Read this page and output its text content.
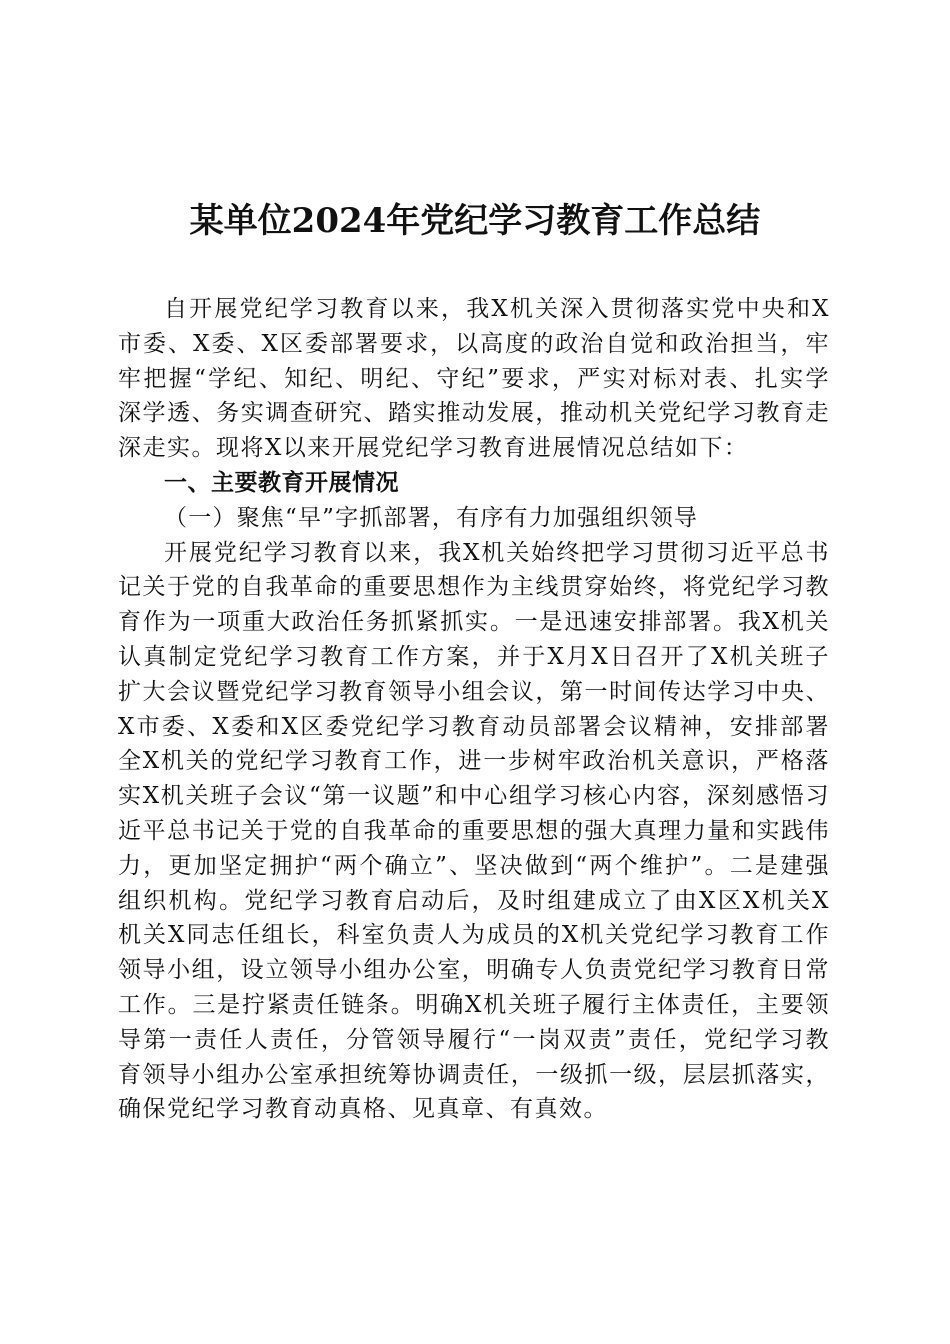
某单位2024年党纪学习教育工作总结

自开展党纪学习教育以来，我X机关深入贯彻落实党中央和X市委、X委、X区委部署要求，以高度的政治自觉和政治担当，牢牢把握“学纪、知纪、明纪、守纪”要求，严实对标对表、扎实学深学透、务实调查研究、踏实推动发展，推动机关党纪学习教育走深走实。现将X以来开展党纪学习教育进展情况总结如下：

一、主要教育开展情况

（一）聚焦“早”字抓部署，有序有力加强组织领导

开展党纪学习教育以来，我X机关始终把学习贯彻习近平总书记关于党的自我革命的重要思想作为主线贯穿始终，将党纪学习教育作为一项重大政治任务抓紧抓实。一是迅速安排部署。我X机关认真制定党纪学习教育工作方案，并于X月X日召开了X机关班子扩大会议暨党纪学习教育领导小组会议，第一时间传达学习中央、X市委、X委和X区委党纪学习教育动员部署会议精神，安排部署全X机关的党纪学习教育工作，进一步树牢政治机关意识，严格落实X机关班子会议“第一议题”和中心组学习核心内容，深刻感悟习近平总书记关于党的自我革命的重要思想的强大真理力量和实践伟力，更加坚定拥护“两个确立”、坚决做到“两个维护”。二是建强组织机构。党纪学习教育启动后，及时组建成立了由X区X机关X机关X同志任组长，科室负责人为成员的X机关党纪学习教育工作领导小组，设立领导小组办公室，明确专人负责党纪学习教育日常工作。三是拧紧责任链条。明确X机关班子履行主体责任，主要领导第一责任人责任，分管领导履行“一岗双责”责任，党纪学习教育领导小组办公室承担统筹协调责任，一级抓一级，层层抓落实，确保党纪学习教育动真格、见真章、有真效。
